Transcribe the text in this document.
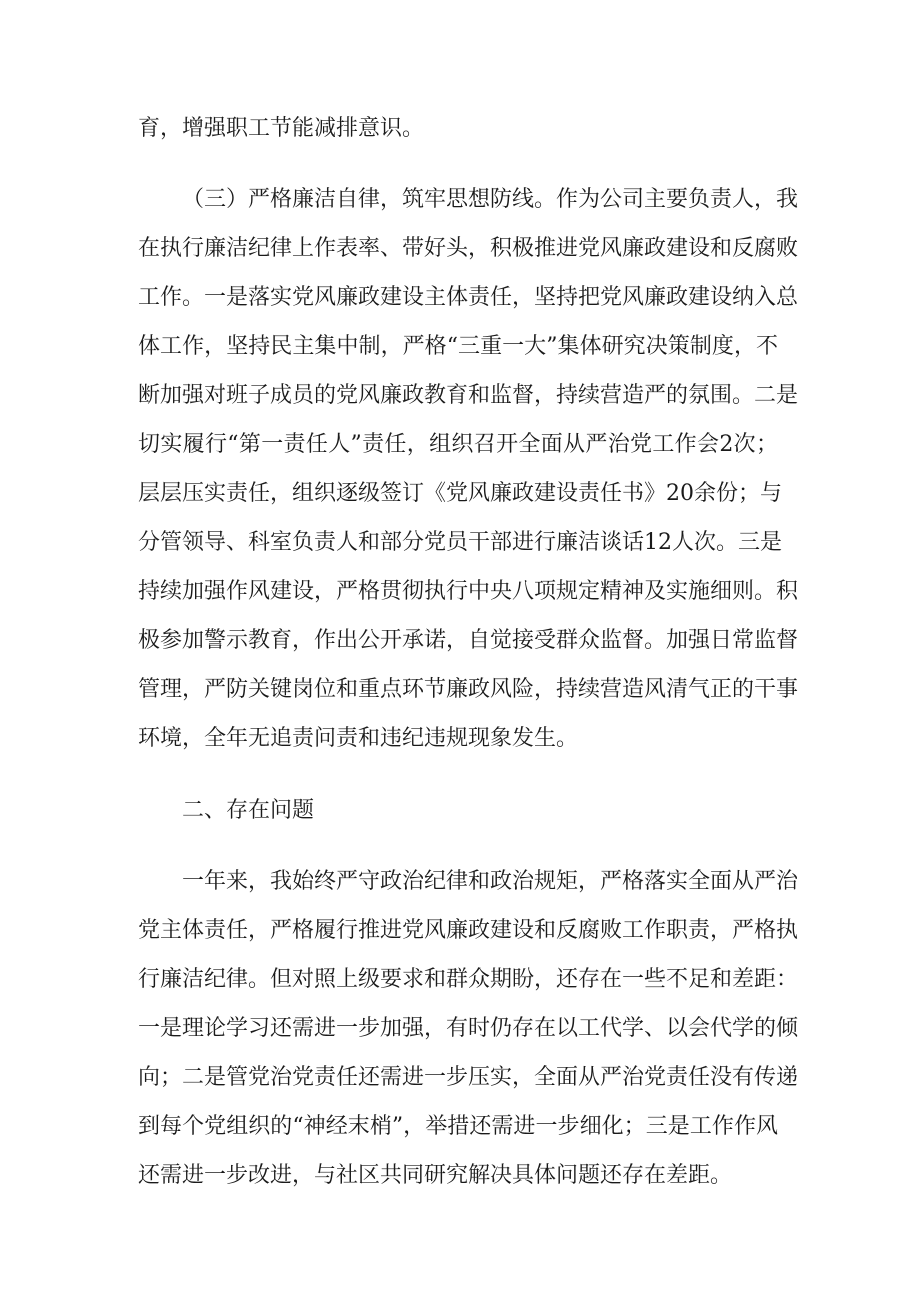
育，增强职工节能减排意识。
（三）严格廉洁自律，筑牢思想防线。作为公司主要负责人，我
在执行廉洁纪律上作表率、带好头，积极推进党风廉政建设和反腐败
工作。一是落实党风廉政建设主体责任，坚持把党风廉政建设纳入总
体工作，坚持民主集中制，严格“三重一大”集体研究决策制度，不
断加强对班子成员的党风廉政教育和监督，持续营造严的氛围。二是
切实履行“第一责任人”责任，组织召开全面从严治党工作会2次；
层层压实责任，组织逐级签订《党风廉政建设责任书》20余份；与
分管领导、科室负责人和部分党员干部进行廉洁谈话12人次。三是
持续加强作风建设，严格贯彻执行中央八项规定精神及实施细则。积
极参加警示教育，作出公开承诺，自觉接受群众监督。加强日常监督
管理，严防关键岗位和重点环节廉政风险，持续营造风清气正的干事
环境，全年无追责问责和违纪违规现象发生。
二、存在问题
一年来，我始终严守政治纪律和政治规矩，严格落实全面从严治
党主体责任，严格履行推进党风廉政建设和反腐败工作职责，严格执
行廉洁纪律。但对照上级要求和群众期盼，还存在一些不足和差距：
一是理论学习还需进一步加强，有时仍存在以工代学、以会代学的倾
向；二是管党治党责任还需进一步压实，全面从严治党责任没有传递
到每个党组织的“神经末梢”，举措还需进一步细化；三是工作作风
还需进一步改进，与社区共同研究解决具体问题还存在差距。
